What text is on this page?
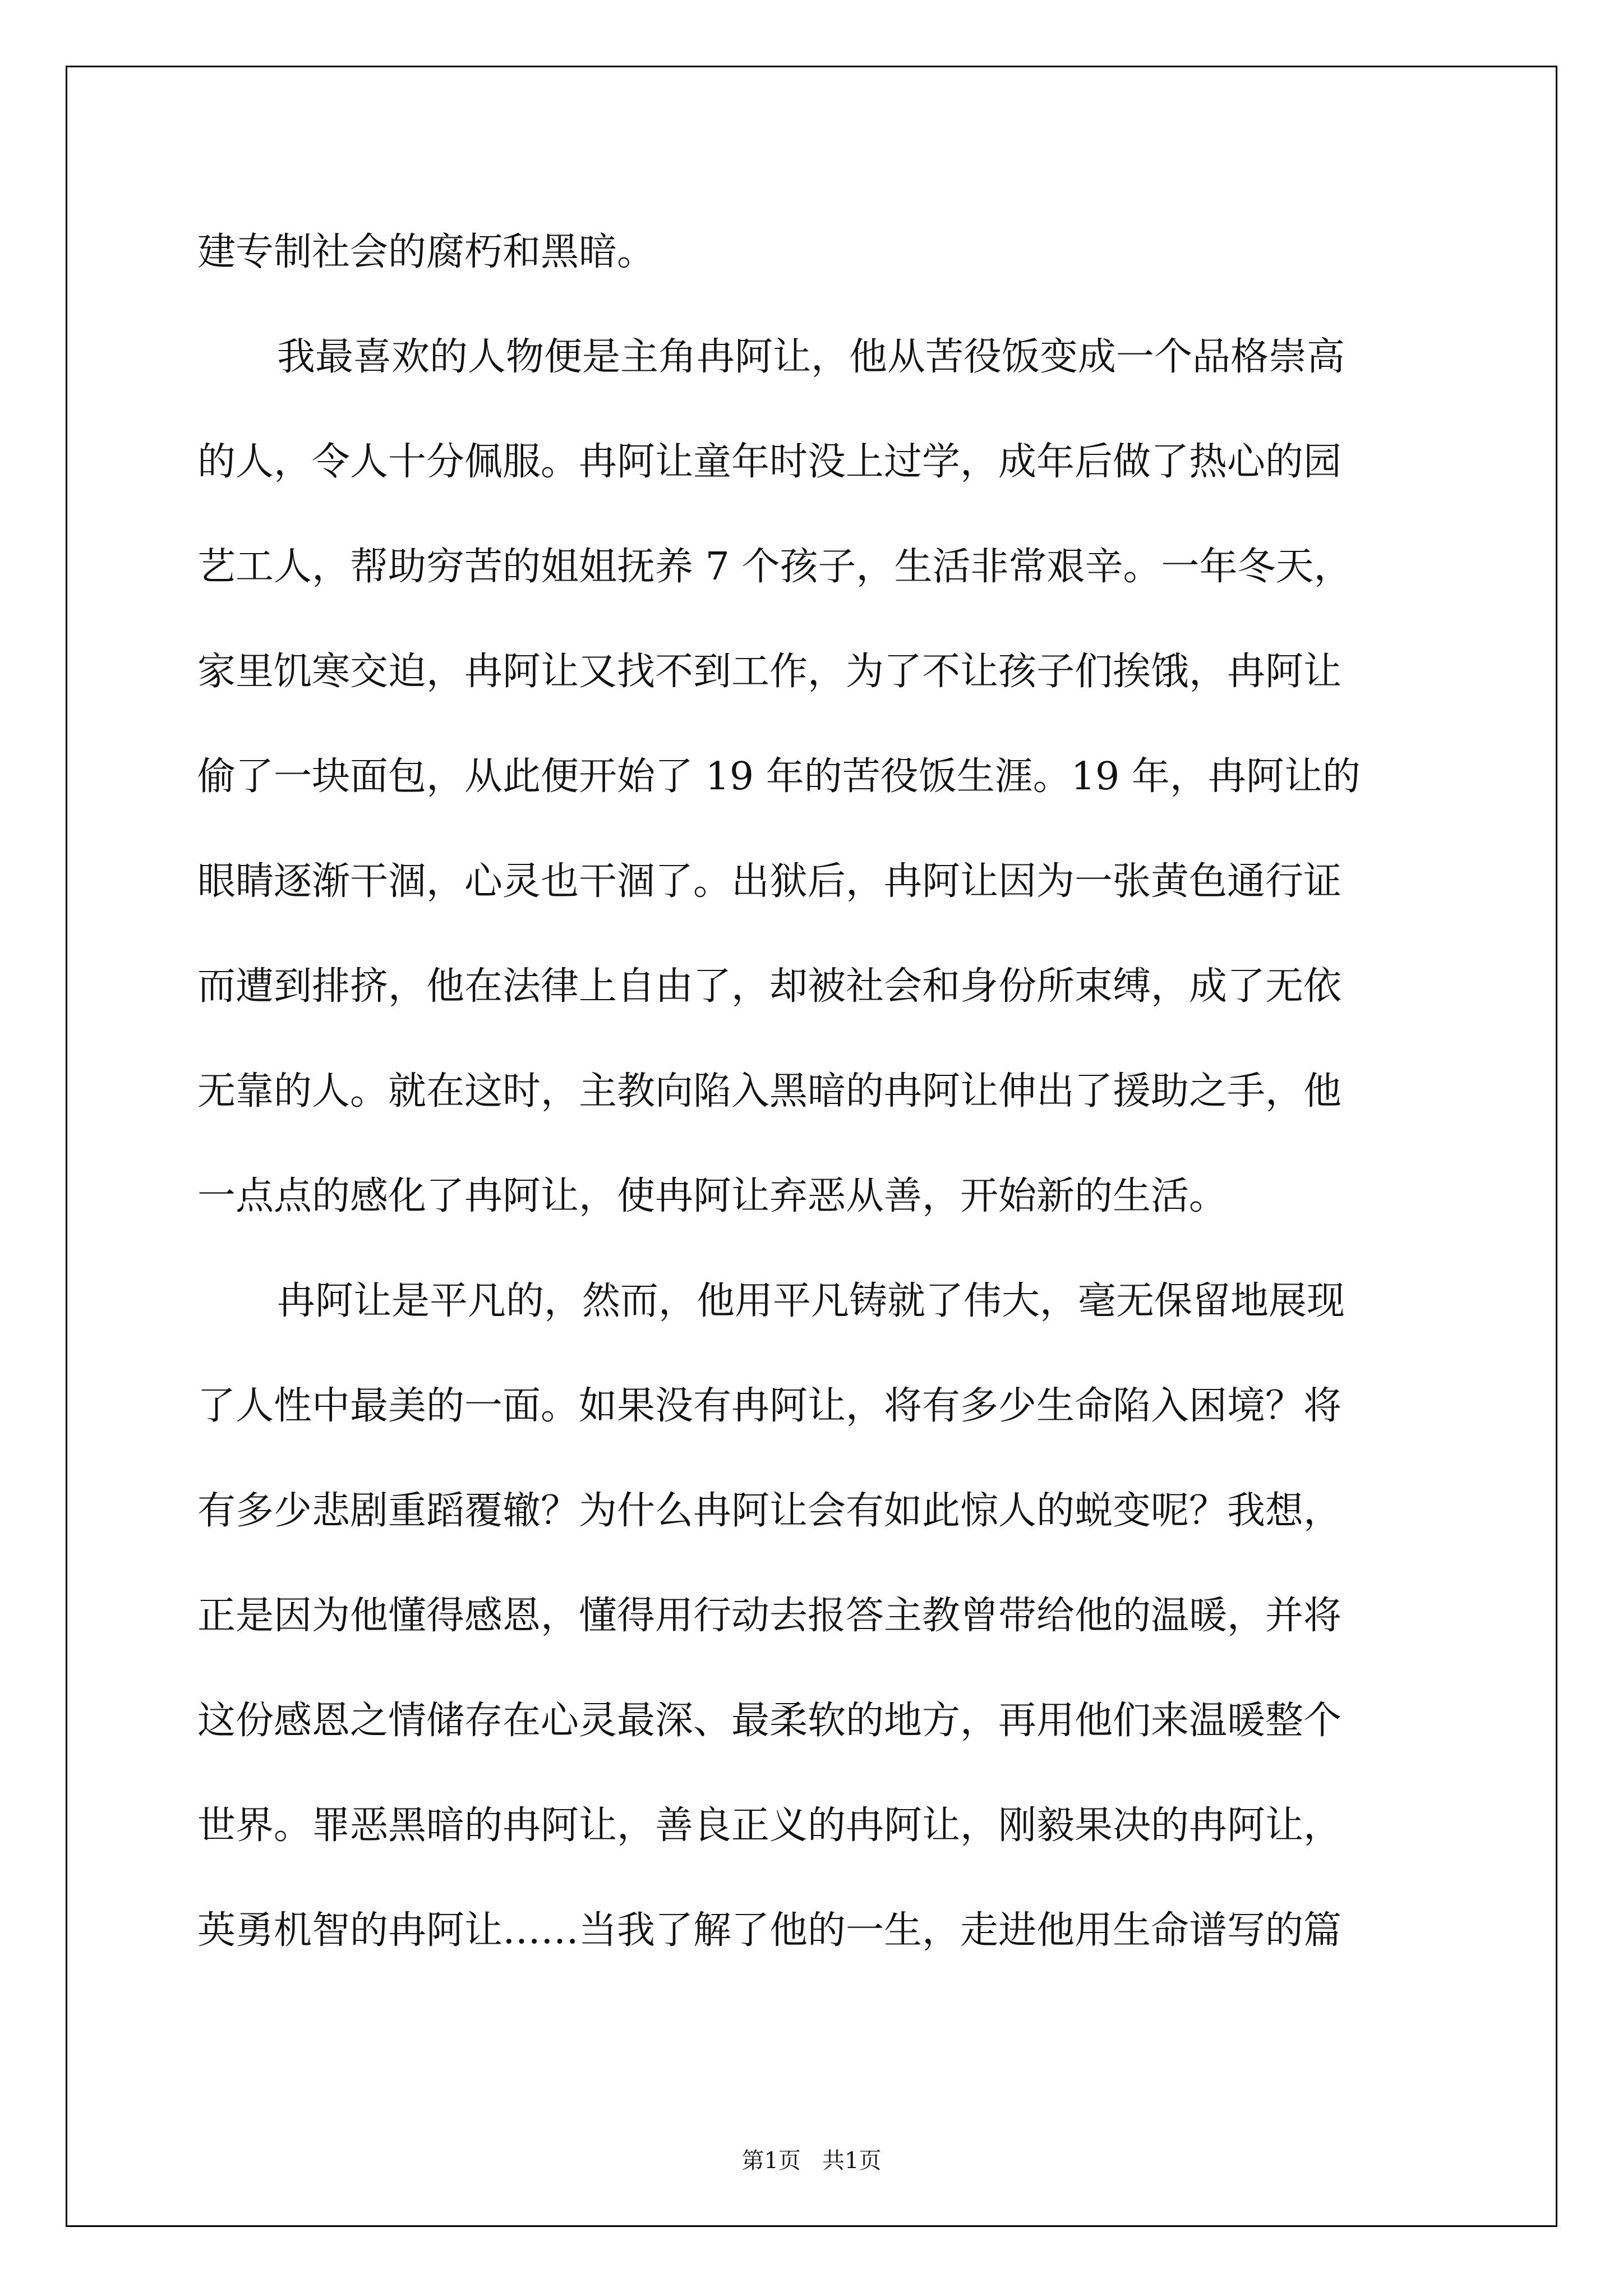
建专制社会的腐朽和黑暗。
我最喜欢的人物便是主角冉阿让，他从苦役饭变成一个品格崇高
的人，令人十分佩服。冉阿让童年时没上过学，成年后做了热心的园
艺工人，帮助穷苦的姐姐抚养 7 个孩子，生活非常艰辛。一年冬天，
家里饥寒交迫，冉阿让又找不到工作，为了不让孩子们挨饿，冉阿让
偷了一块面包，从此便开始了 19 年的苦役饭生涯。19 年，冉阿让的
眼睛逐渐干涸，心灵也干涸了。出狱后，冉阿让因为一张黄色通行证
而遭到排挤，他在法律上自由了，却被社会和身份所束缚，成了无依
无靠的人。就在这时，主教向陷入黑暗的冉阿让伸出了援助之手，他
一点点的感化了冉阿让，使冉阿让弃恶从善，开始新的生活。
冉阿让是平凡的，然而，他用平凡铸就了伟大，毫无保留地展现
了人性中最美的一面。如果没有冉阿让，将有多少生命陷入困境？将
有多少悲剧重蹈覆辙？为什么冉阿让会有如此惊人的蜕变呢？我想，
正是因为他懂得感恩，懂得用行动去报答主教曾带给他的温暖，并将
这份感恩之情储存在心灵最深、最柔软的地方，再用他们来温暖整个
世界。罪恶黑暗的冉阿让，善良正义的冉阿让，刚毅果决的冉阿让，
英勇机智的冉阿让……当我了解了他的一生，走进他用生命谱写的篇
第1页   共1页
